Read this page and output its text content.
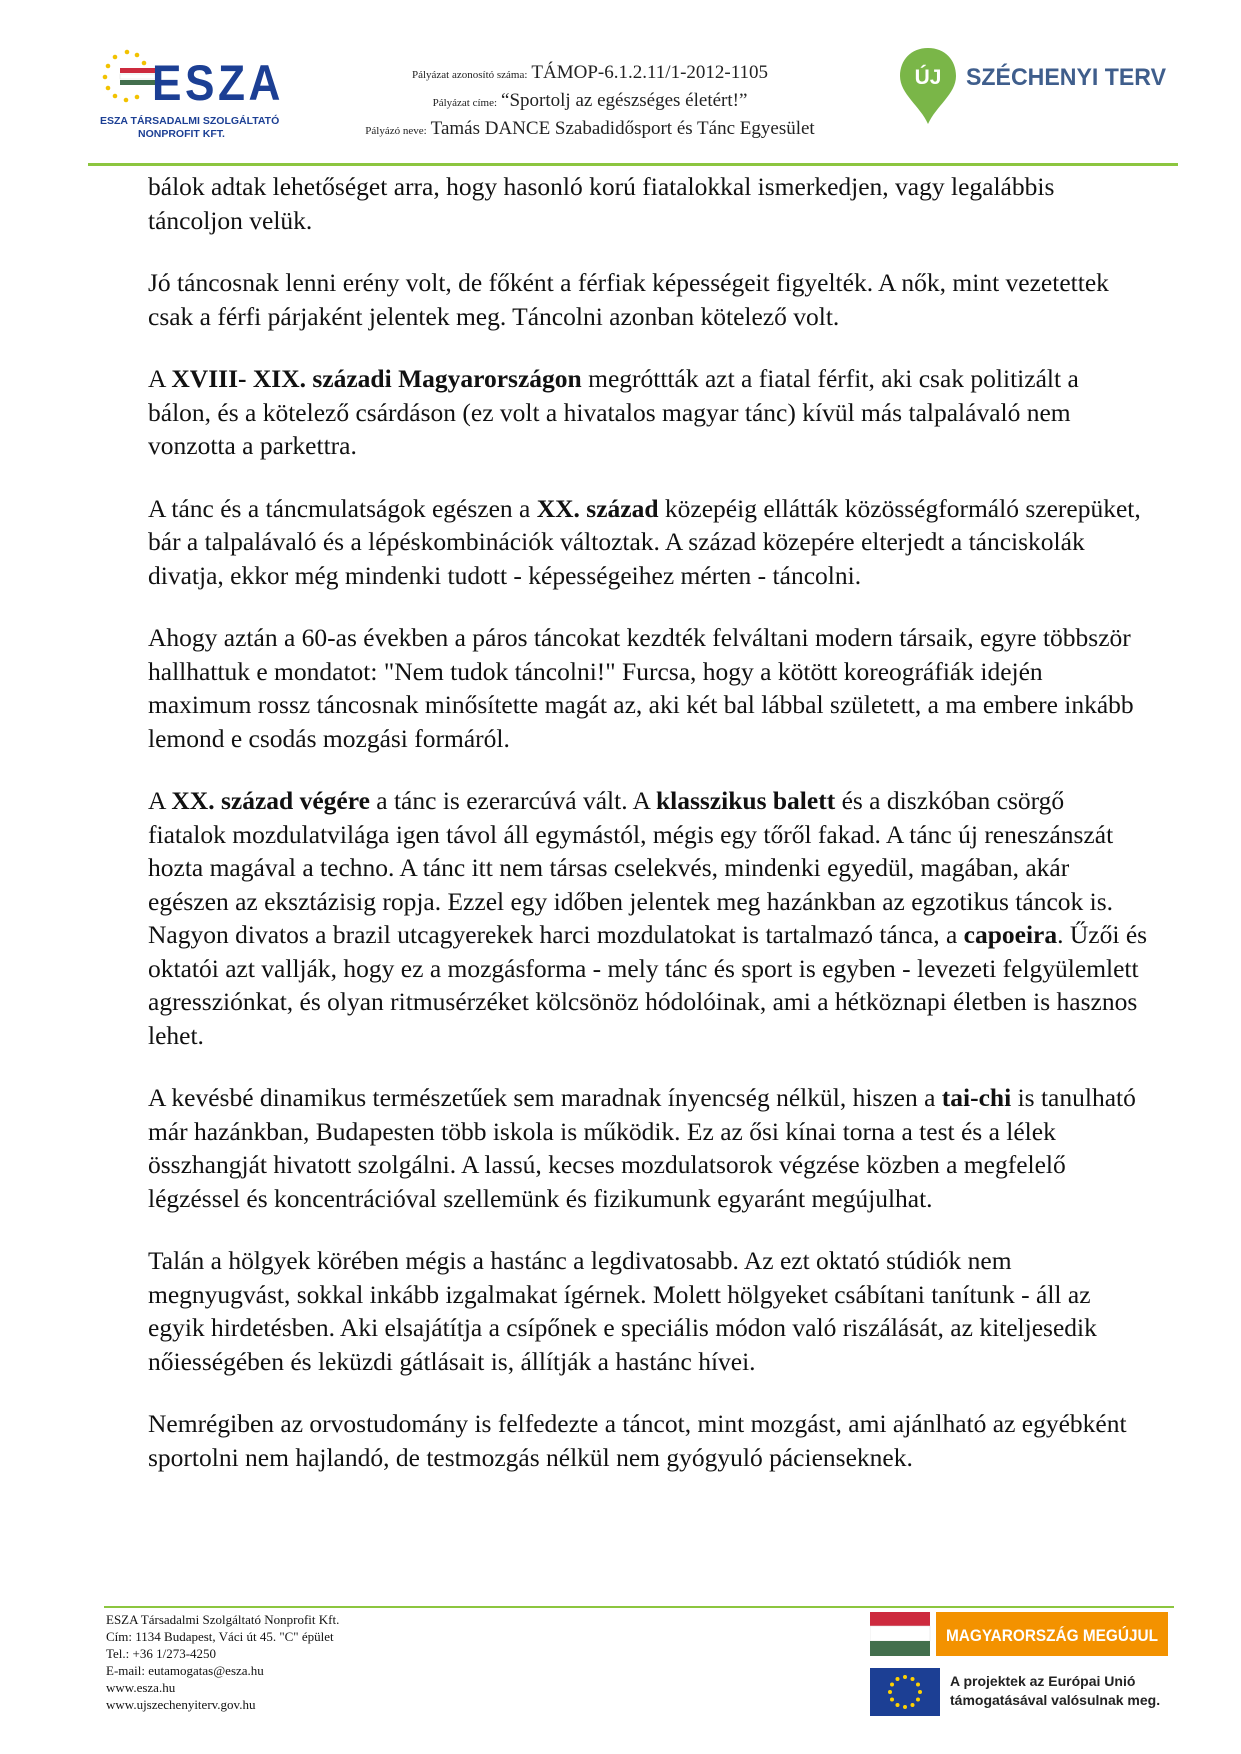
ESZA
ESZA TÁRSADALMI SZOLGÁLTATÓ
NONPROFIT KFT.
Pályázat azonosító száma: TÁMOP-6.1.2.11/1-2012-1105
Pályázat címe: “Sportolj az egészséges életért!”
Pályázó neve: Tamás DANCE Szabadidősport és Tánc Egyesület
ÚJ SZÉCHENYI TERV

bálok adtak lehetőséget arra, hogy hasonló korú fiatalokkal ismerkedjen, vagy legalábbis táncoljon velük.

Jó táncosnak lenni erény volt, de főként a férfiak képességeit figyelték. A nők, mint vezetettek csak a férfi párjaként jelentek meg. Táncolni azonban kötelező volt.

A XVIII- XIX. századi Magyarországon megróttták azt a fiatal férfit, aki csak politizált a bálon, és a kötelező csárdáson (ez volt a hivatalos magyar tánc) kívül más talpalávaló nem vonzotta a parkettra.

A tánc és a táncmulatságok egészen a XX. század közepéig ellátták közösségformáló szerepüket, bár a talpalávaló és a lépéskombinációk változtak. A század közepére elterjedt a tánciskolák divatja, ekkor még mindenki tudott - képességeihez mérten - táncolni.

Ahogy aztán a 60-as években a páros táncokat kezdték felváltani modern társaik, egyre többször hallhattuk e mondatot: "Nem tudok táncolni!" Furcsa, hogy a kötött koreográfiák idején maximum rossz táncosnak minősítette magát az, aki két bal lábbal született, a ma embere inkább lemond e csodás mozgási formáról.

A XX. század végére a tánc is ezerarcúvá vált. A klasszikus balett és a diszkóban csörgő fiatalok mozdulatvilága igen távol áll egymástól, mégis egy tőről fakad. A tánc új reneszánszát hozta magával a techno. A tánc itt nem társas cselekvés, mindenki egyedül, magában, akár egészen az eksztázisig ropja. Ezzel egy időben jelentek meg hazánkban az egzotikus táncok is. Nagyon divatos a brazil utcagyerekek harci mozdulatokat is tartalmazó tánca, a capoeira. Űzői és oktatói azt vallják, hogy ez a mozgásforma - mely tánc és sport is egyben - levezeti felgyülemlett agressziónkat, és olyan ritmusérzéket kölcsönöz hódolóinak, ami a hétköznapi életben is hasznos lehet.

A kevésbé dinamikus természetűek sem maradnak ínyencség nélkül, hiszen a tai-chi is tanulható már hazánkban, Budapesten több iskola is működik. Ez az ősi kínai torna a test és a lélek összhangját hivatott szolgálni. A lassú, kecses mozdulatsorok végzése közben a megfelelő légzéssel és koncentrációval szellemünk és fizikumunk egyaránt megújulhat.

Talán a hölgyek körében mégis a hastánc a legdivatosabb. Az ezt oktató stúdiók nem megnyugvást, sokkal inkább izgalmakat ígérnek. Molett hölgyeket csábítani tanítunk - áll az egyik hirdetésben. Aki elsajátítja a csípőnek e speciális módon való riszálását, az kiteljesedik nőiességében és leküzdi gátlásait is, állítják a hastánc hívei.

Nemrégiben az orvostudomány is felfedezte a táncot, mint mozgást, ami ajánlható az egyébként sportolni nem hajlandó, de testmozgás nélkül nem gyógyuló pácienseknek.

ESZA Társadalmi Szolgáltató Nonprofit Kft.
Cím: 1134 Budapest, Váci út 45. "C" épület
Tel.: +36 1/273-4250
E-mail: eutamogatas@esza.hu
www.esza.hu
www.ujszechenyiterv.gov.hu
MAGYARORSZÁG MEGÚJUL
A projektek az Európai Unió
támogatásával valósulnak meg.
